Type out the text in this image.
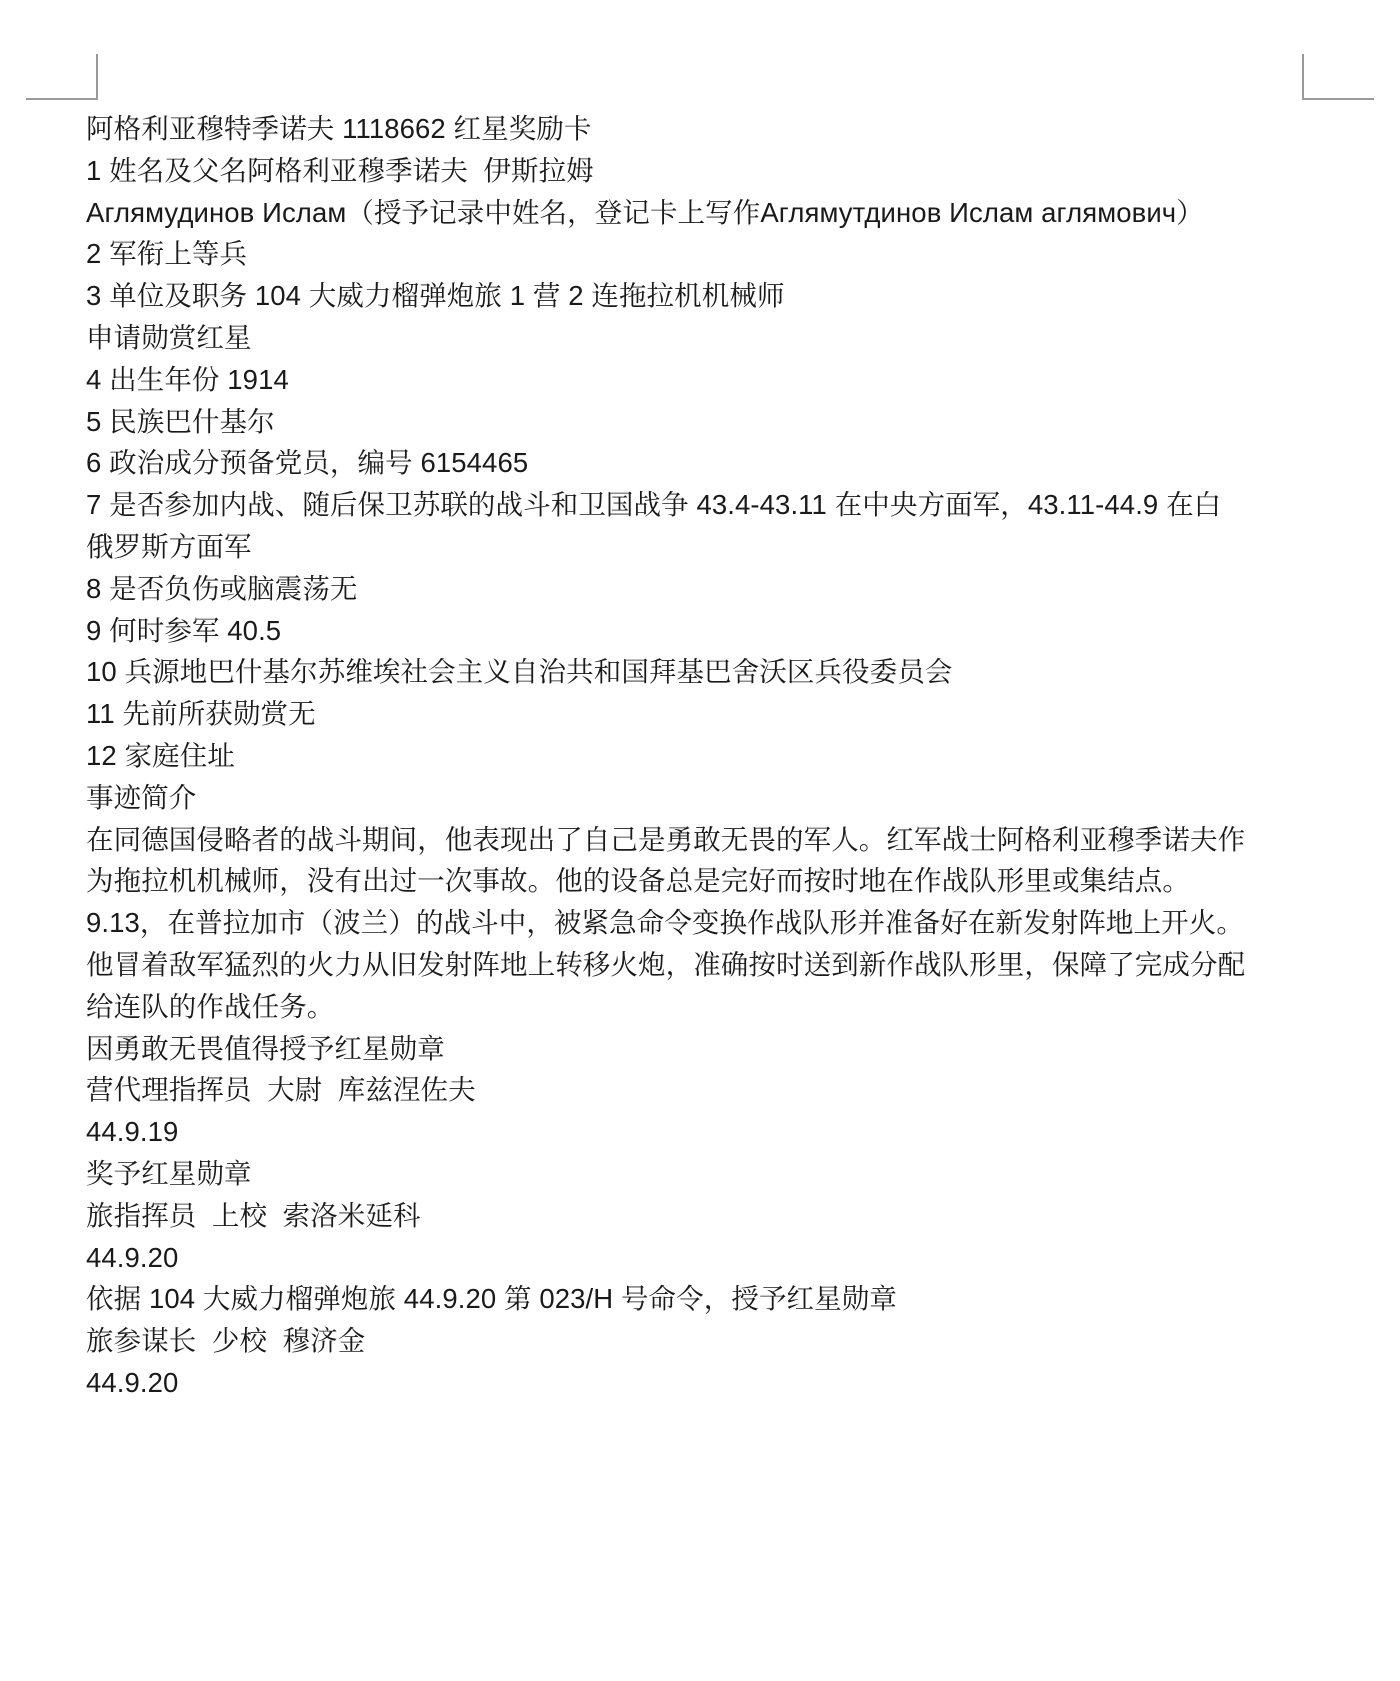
阿格利亚穆特季诺夫 1118662 红星奖励卡
1 姓名及父名阿格利亚穆季诺夫  伊斯拉姆
Аглямудинов Ислам（授予记录中姓名，登记卡上写作Аглямутдинов Ислам аглямович）
2 军衔上等兵
3 单位及职务 104 大威力榴弹炮旅 1 营 2 连拖拉机机械师
申请勋赏红星
4 出生年份 1914
5 民族巴什基尔
6 政治成分预备党员，编号 6154465
7 是否参加内战、随后保卫苏联的战斗和卫国战争 43.4-43.11 在中央方面军，43.11-44.9 在白俄罗斯方面军
8 是否负伤或脑震荡无
9 何时参军 40.5
10 兵源地巴什基尔苏维埃社会主义自治共和国拜基巴舍沃区兵役委员会
11 先前所获勋赏无
12 家庭住址
事迹简介
在同德国侵略者的战斗期间，他表现出了自己是勇敢无畏的军人。红军战士阿格利亚穆季诺夫作为拖拉机机械师，没有出过一次事故。他的设备总是完好而按时地在作战队形里或集结点。
9.13，在普拉加市（波兰）的战斗中，被紧急命令变换作战队形并准备好在新发射阵地上开火。他冒着敌军猛烈的火力从旧发射阵地上转移火炮，准确按时送到新作战队形里，保障了完成分配给连队的作战任务。
因勇敢无畏值得授予红星勋章
营代理指挥员  大尉  库兹涅佐夫
44.9.19
奖予红星勋章
旅指挥员  上校  索洛米延科
44.9.20
依据 104 大威力榴弹炮旅 44.9.20 第 023/H 号命令，授予红星勋章
旅参谋长  少校  穆济金
44.9.20
